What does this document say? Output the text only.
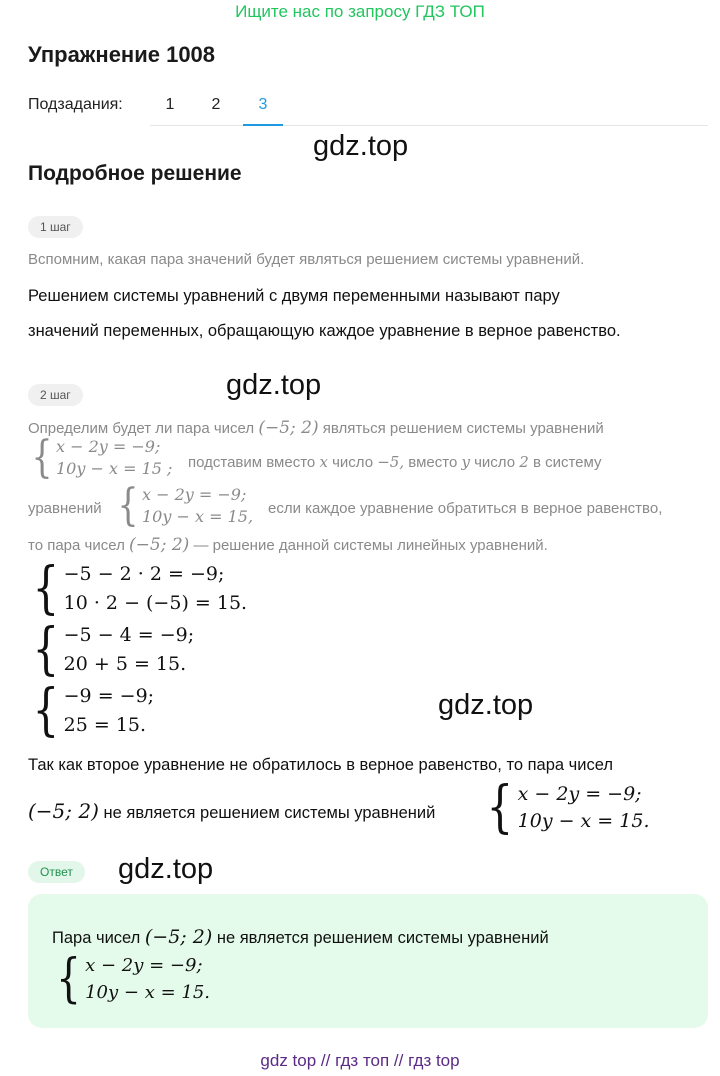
Ищите нас по запросу ГДЗ ТОП
Упражнение 1008
Подзадания:	1	2	3
gdz.top
Подробное решение
1 шаг
Вспомним, какая пара значений будет являться решением системы уравнений.
Решением системы уравнений с двумя переменными называют пару
значений переменных, обращающую каждое уравнение в верное равенство.
2 шаг	gdz.top
Определим будет ли пара чисел (−5; 2) являться решением системы уравнений
{ x − 2y = −9;
10y − x = 15 ; подставим вместо x число −5, вместо y число 2 в систему
уравнений { x − 2y = −9;
10y − x = 15, если каждое уравнение обратиться в верное равенство,
то пара чисел (−5; 2) — решение данной системы линейных уравнений.
{ −5 − 2 · 2 = −9;
10 · 2 − (−5) = 15.
{ −5 − 4 = −9;
20 + 5 = 15.
{ −9 = −9;
25 = 15.
gdz.top
Так как второе уравнение не обратилось в верное равенство, то пара чисел
(−5; 2) не является решением системы уравнений { x − 2y = −9;
10y − x = 15.
Ответ	gdz.top
Пара чисел (−5; 2) не является решением системы уравнений
{ x − 2y = −9;
10y − x = 15.
gdz top // гдз топ // гдз top
